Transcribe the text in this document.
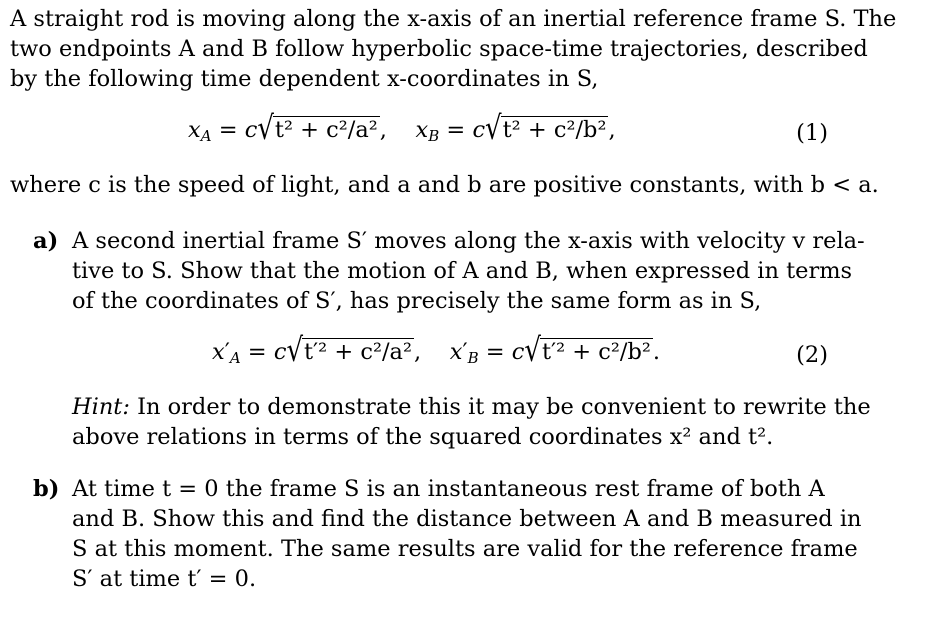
A straight rod is moving along the x-axis of an inertial reference frame S. The
two endpoints A and B follow hyperbolic space-time trajectories, described
by the following time dependent x-coordinates in S,
$x_A = c√t^2 + c^2/a^2$,    $x_B = c√t^2 + c^2/b^2$,	(1)
where c is the speed of light, and a and b are positive constants, with b < a.
a) A second inertial frame S′ moves along the x-axis with velocity v rela-
tive to S. Show that the motion of A and B, when expressed in terms
of the coordinates of S′, has precisely the same form as in S,
$x'_A = c√t'^2 + c^2/a^2$,    $x'_B = c√t'^2 + c^2/b^2$.	(2)
Hint: In order to demonstrate this it may be convenient to rewrite the
above relations in terms of the squared coordinates x² and t².
b) At time t = 0 the frame S is an instantaneous rest frame of both A
and B. Show this and find the distance between A and B measured in
S at this moment. The same results are valid for the reference frame
S′ at time t′ = 0.
